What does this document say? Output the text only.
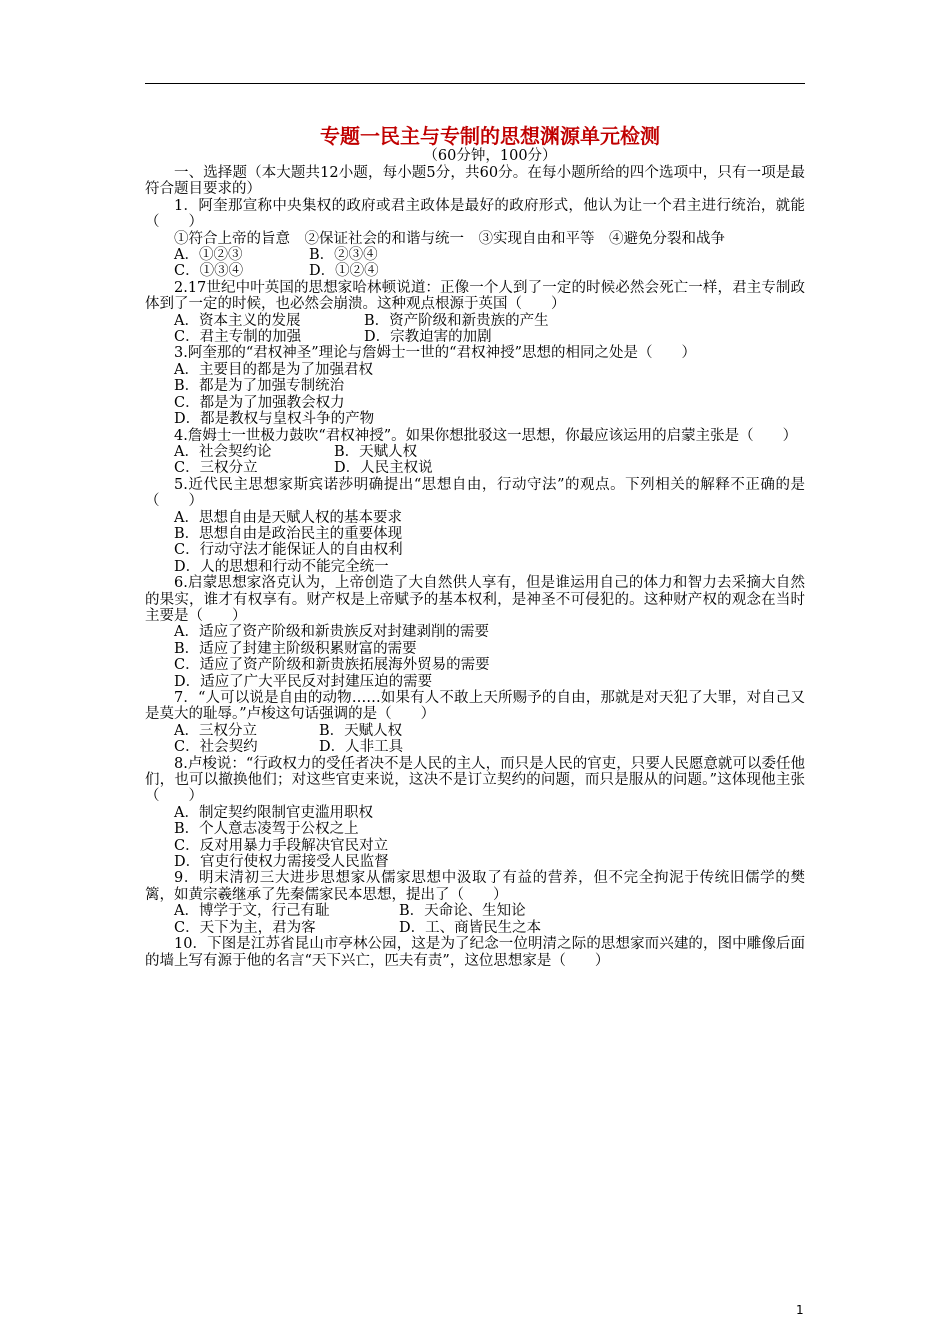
专题一民主与专制的思想渊源单元检测
（60分钟，100分）

一、选择题（本大题共12小题，每小题5分，共60分。在每小题所给的四个选项中，只有一项是最符合题目要求的）

1．阿奎那宣称中央集权的政府或君主政体是最好的政府形式，他认为让一个君主进行统治，就能（　　）

①符合上帝的旨意　②保证社会的和谐与统一　③实现自由和平等　④避免分裂和战争

A．①②③	B．②③④
C．①③④	D．①②④

2.17世纪中叶英国的思想家哈林顿说道：正像一个人到了一定的时候必然会死亡一样，君主专制政体到了一定的时候，也必然会崩溃。这种观点根源于英国（　　）

A．资本主义的发展	B．资产阶级和新贵族的产生
C．君主专制的加强	D．宗教迫害的加剧

3.阿奎那的“君权神圣”理论与詹姆士一世的“君权神授”思想的相同之处是（　　）

A．主要目的都是为了加强君权
B．都是为了加强专制统治
C．都是为了加强教会权力
D．都是教权与皇权斗争的产物

4.詹姆士一世极力鼓吹“君权神授”。如果你想批驳这一思想，你最应该运用的启蒙主张是（　　）

A．社会契约论	B．天赋人权
C．三权分立	D．人民主权说

5.近代民主思想家斯宾诺莎明确提出“思想自由，行动守法”的观点。下列相关的解释不正确的是（　　）

A．思想自由是天赋人权的基本要求
B．思想自由是政治民主的重要体现
C．行动守法才能保证人的自由权利
D．人的思想和行动不能完全统一

6.启蒙思想家洛克认为，上帝创造了大自然供人享有，但是谁运用自己的体力和智力去采摘大自然的果实，谁才有权享有。财产权是上帝赋予的基本权利，是神圣不可侵犯的。这种财产权的观念在当时主要是（　　）

A．适应了资产阶级和新贵族反对封建剥削的需要
B．适应了封建主阶级积累财富的需要
C．适应了资产阶级和新贵族拓展海外贸易的需要
D．适应了广大平民反对封建压迫的需要

7．“人可以说是自由的动物……如果有人不敢上天所赐予的自由，那就是对天犯了大罪，对自己又是莫大的耻辱。”卢梭这句话强调的是（　　）

A．三权分立	B．天赋人权
C．社会契约	D．人非工具

8.卢梭说：“行政权力的受任者决不是人民的主人，而只是人民的官吏，只要人民愿意就可以委任他们，也可以撤换他们；对这些官吏来说，这决不是订立契约的问题，而只是服从的问题。”这体现他主张（　　）

A．制定契约限制官吏滥用职权
B．个人意志凌驾于公权之上
C．反对用暴力手段解决官民对立
D．官吏行使权力需接受人民监督

9．明末清初三大进步思想家从儒家思想中汲取了有益的营养，但不完全拘泥于传统旧儒学的樊篱，如黄宗羲继承了先秦儒家民本思想，提出了（　　）

A．博学于文，行己有耻	B．天命论、生知论
C．天下为主，君为客	D．工、商皆民生之本

10．下图是江苏省昆山市亭林公园，这是为了纪念一位明清之际的思想家而兴建的，图中雕像后面的墙上写有源于他的名言“天下兴亡，匹夫有责”，这位思想家是（　　）

1
